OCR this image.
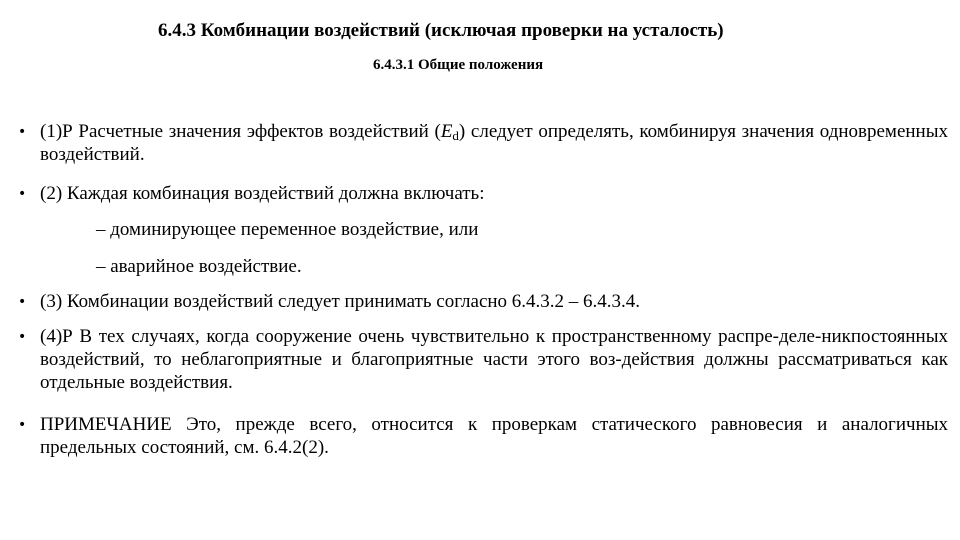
6.4.3 Комбинации воздействий (исключая проверки на усталость)
6.4.3.1 Общие положения
• (1)Р Расчетные значения эффектов воздействий $(E_d)$ следует определять, комбинируя значения одновременных воздействий.
• (2) Каждая комбинация воздействий должна включать:
– доминирующее переменное воздействие, или
– аварийное воздействие.
• (3) Комбинации воздействий следует принимать согласно 6.4.3.2 – 6.4.3.4.
• (4)Р В тех случаях, когда сооружение очень чувствительно к пространственному распре-деле-никпостоянных воздействий, то неблагоприятные и благоприятные части этого воз-действия должны рассматриваться как отдельные воздействия.
• ПРИМЕЧАНИЕ Это, прежде всего, относится к проверкам статического равновесия и аналогичных предельных состояний, см. 6.4.2(2).
